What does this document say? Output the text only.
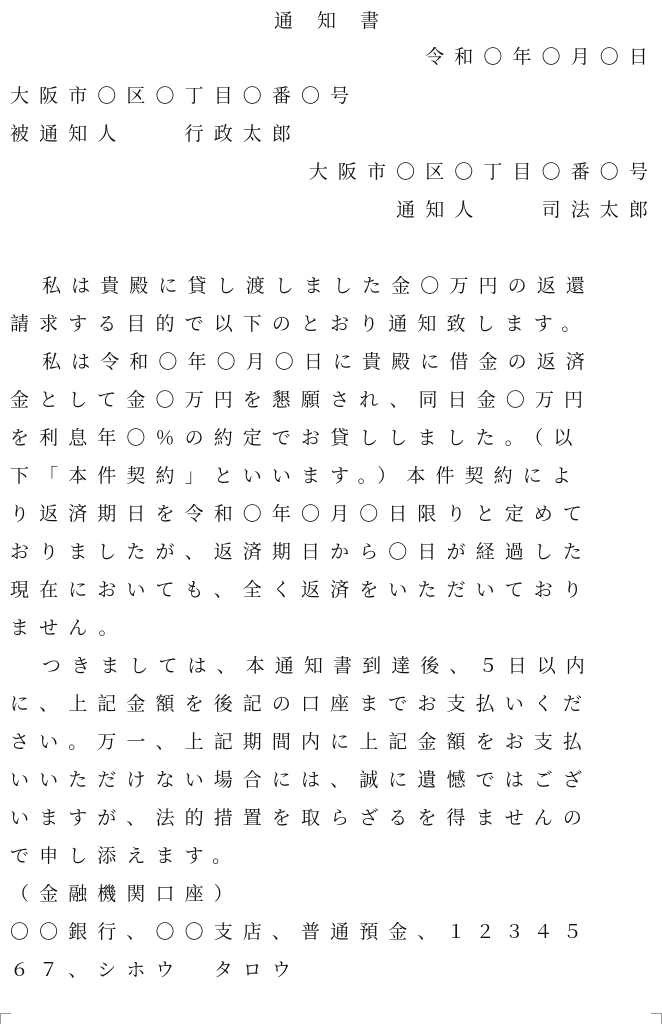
通 知 書
令和〇年〇月〇日
大阪市〇区〇丁目〇番〇号
被通知人　　行政太郎
大阪市〇区〇丁目〇番〇号
通知人　　司法太郎
私は貴殿に貸し渡しました金〇万円の返還
請求する目的で以下のとおり通知致します。
私は令和〇年〇月〇日に貴殿に借金の返済
金として金〇万円を懇願され、同日金〇万円
を利息年〇％の約定でお貸ししました。（以
下「本件契約」といいます。）本件契約によ
り返済期日を令和〇年〇月〇日限りと定めて
おりましたが、返済期日から〇日が経過した
現在においても、全く返済をいただいており
ません。
つきましては、本通知書到達後、５日以内
に、上記金額を後記の口座までお支払いくだ
さい。万一、上記期間内に上記金額をお支払
いいただけない場合には、誠に遺憾ではござ
いますが、法的措置を取らざるを得ませんの
で申し添えます。
（金融機関口座）
〇〇銀行、〇〇支店、普通預金、１２３４５
６７、シホウ　タロウ
